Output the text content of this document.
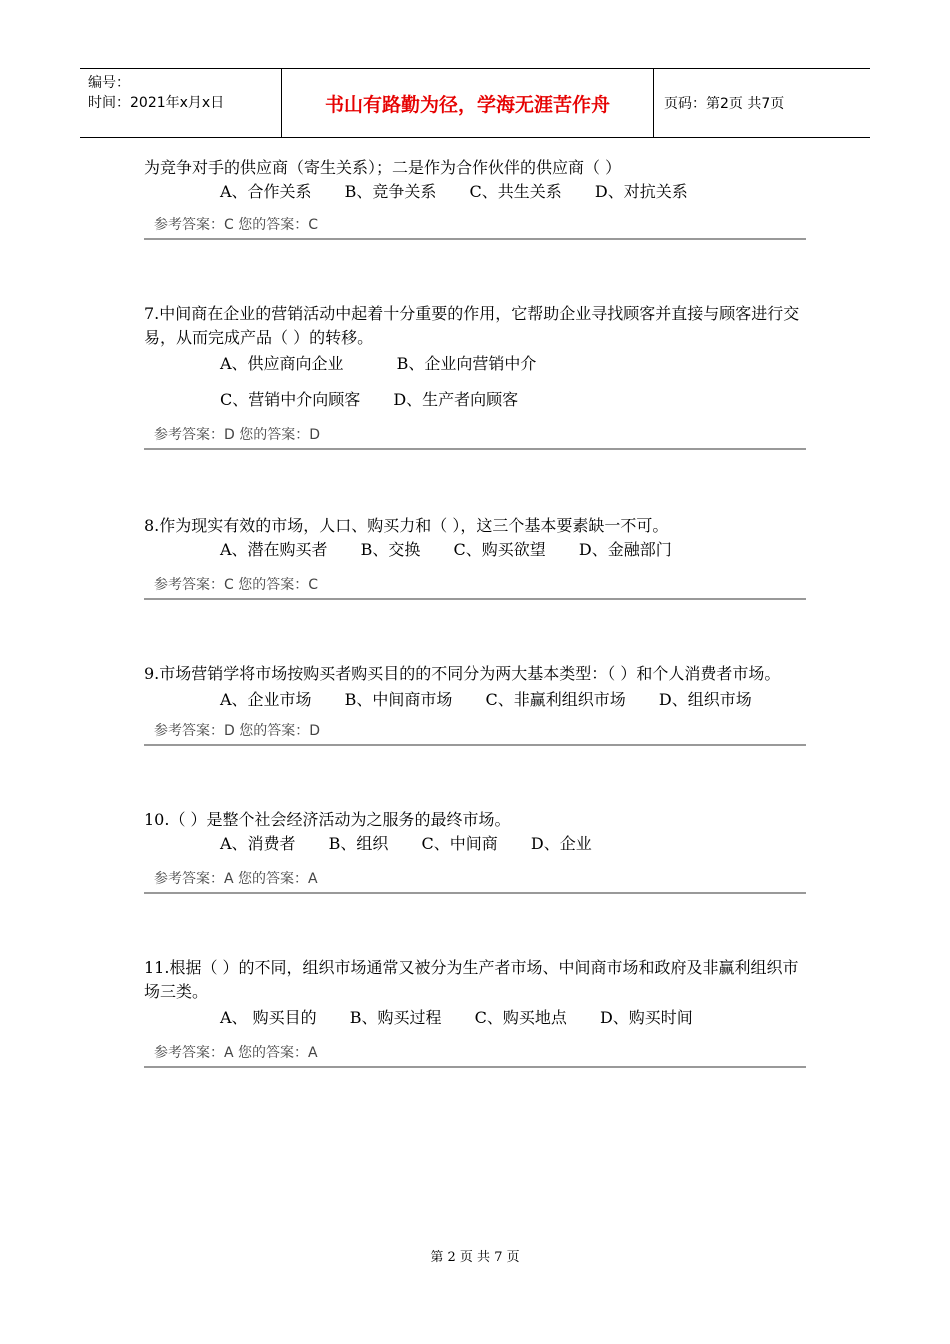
编号：
时间：2021年x月x日	书山有路勤为径，学海无涯苦作舟	页码：第2页 共7页
为竞争对手的供应商（寄生关系）；二是作为合作伙伴的供应商（ ）
A、合作关系 B、竞争关系 C、共生关系 D、对抗关系
参考答案：C 您的答案：C
7.中间商在企业的营销活动中起着十分重要的作用，它帮助企业寻找顾客并直接与顾客进行交易，从而完成产品（ ）的转移。
A、供应商向企业	B、企业向营销中介
C、营销中介向顾客 D、生产者向顾客
参考答案：D 您的答案：D
8.作为现实有效的市场，人口、购买力和（ ），这三个基本要素缺一不可。
A、潜在购买者 B、交换 C、购买欲望 D、金融部门
参考答案：C 您的答案：C
9.市场营销学将市场按购买者购买目的的不同分为两大基本类型：（ ）和个人消费者市场。
A、企业市场 B、中间商市场 C、非赢利组织市场 D、组织市场
参考答案：D 您的答案：D
10.（ ）是整个社会经济活动为之服务的最终市场。
A、消费者 B、组织 C、中间商 D、企业
参考答案：A 您的答案：A
11.根据（ ）的不同，组织市场通常又被分为生产者市场、中间商市场和政府及非赢利组织市场三类。
A、 购买目的 B、购买过程 C、购买地点 D、购买时间
参考答案：A 您的答案：A
第 2 页 共 7 页
